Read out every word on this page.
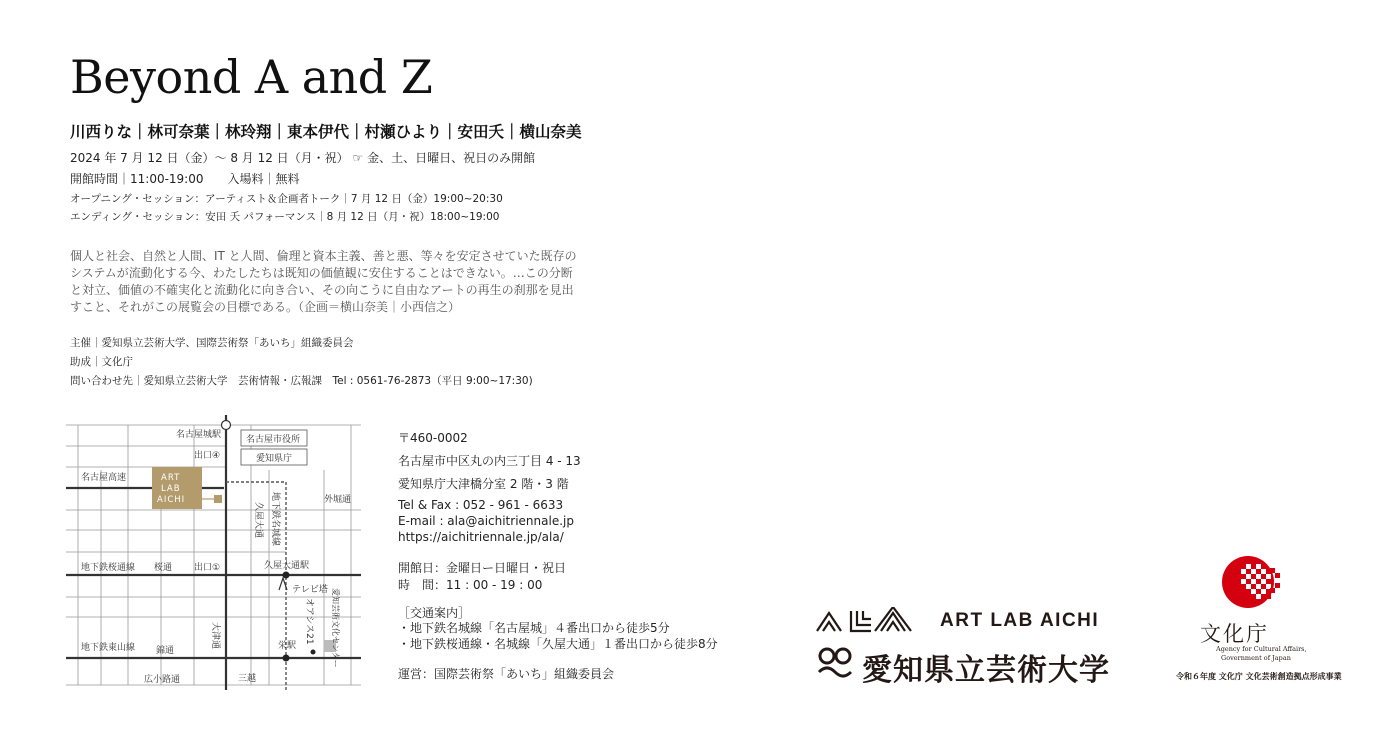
Beyond A and Z
川西りな｜林可奈葉｜林玲翔｜東本伊代｜村瀬ひより｜安田夭｜横山奈美
2024 年 7 月 12 日（金）～ 8 月 12 日（月・祝） ☞ 金、土、日曜日、祝日のみ開館
開館時間｜11:00-19:00　　入場料｜無料
オープニング・セッション：アーティスト＆企画者トーク｜7 月 12 日（金）19:00~20:30
エンディング・セッション：安田 夭 パフォーマンス｜8 月 12 日（月・祝）18:00~19:00
個人と社会、自然と人間、IT と人間、倫理と資本主義、善と悪、等々を安定させていた既存の
システムが流動化する今、わたしたちは既知の価値観に安住することはできない。…この分断
と対立、価値の不確実化と流動化に向き合い、その向こうに自由なアートの再生の刹那を見出
すこと、それがこの展覧会の目標である。（企画＝横山奈美｜小西信之）
主催｜愛知県立芸術大学、国際芸術祭「あいち」組織委員会
助成｜文化庁
問い合わせ先｜愛知県立芸術大学　芸術情報・広報課　Tel : 0561-76-2873（平日 9:00~17:30)
名古屋城駅
出口④
名古屋市役所
愛知県庁
名古屋高速	ART
LAB
AICHI	外堀通
地下鉄桜通線 桜通 出口①	久屋大通駅
テレビ塔
地下鉄東山線 錦通	栄駅
広小路通	三越
久屋大通 地下鉄名城線
大津通	オアシス21 愛知芸術文化センター
〒460-0002
名古屋市中区丸の内三丁目 4 - 13
愛知県庁大津橋分室 2 階・3 階
Tel & Fax : 052 - 961 - 6633
E-mail : ala@aichitriennale.jp
https://aichitriennale.jp/ala/
開館日：金曜日ー日曜日・祝日
時　間：11 : 00 - 19 : 00
［交通案内］
・地下鉄名城線「名古屋城」４番出口から徒歩5分
・地下鉄桜通線・名城線「久屋大通」１番出口から徒歩8分
運営：国際芸術祭「あいち」組織委員会
ART LAB AICHI
愛知県立芸術大学
文化庁
Agency for Cultural Affairs,
Government of Japan
令和６年度 文化庁 文化芸術創造拠点形成事業
